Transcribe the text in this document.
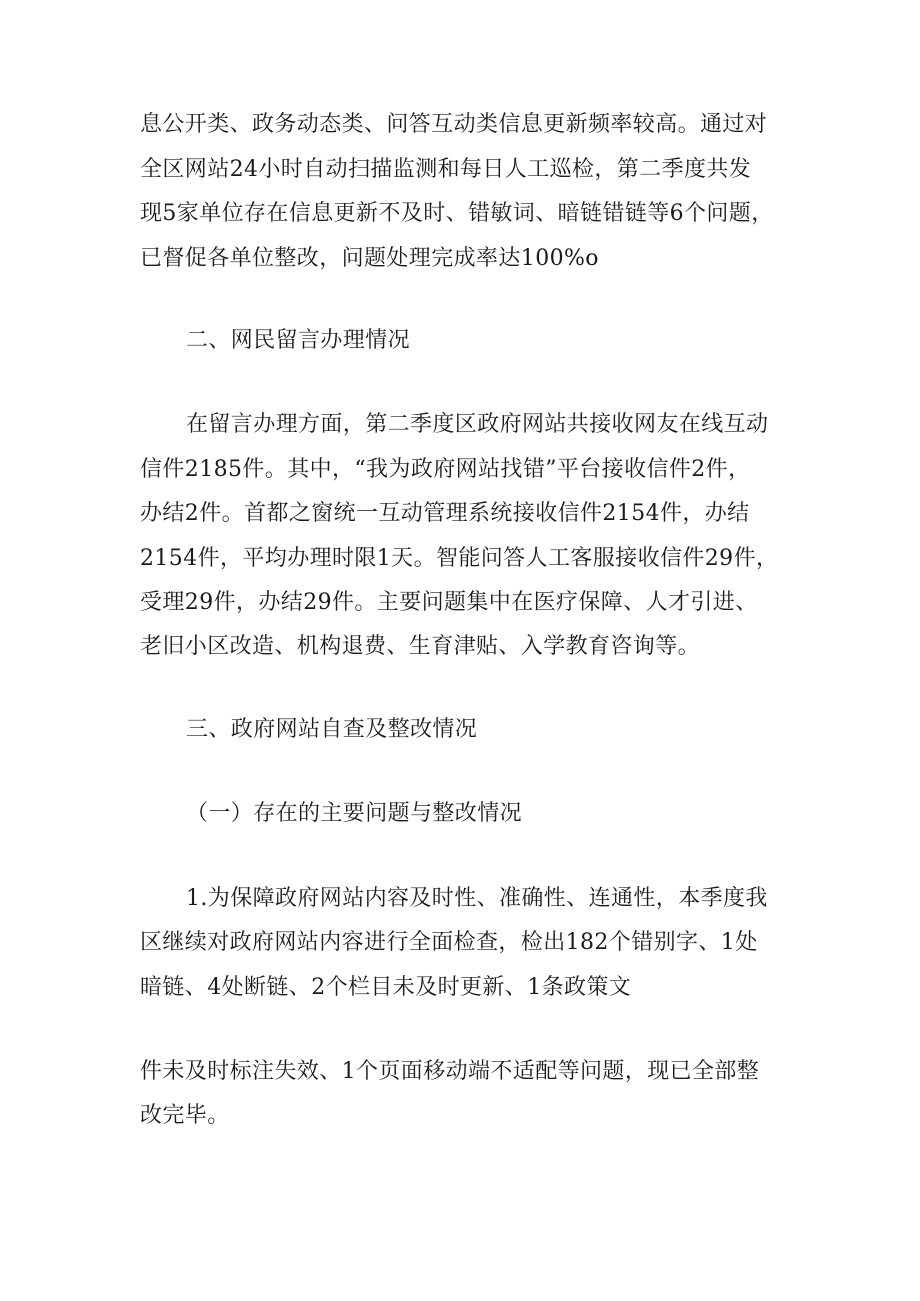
息公开类、政务动态类、问答互动类信息更新频率较高。通过对
全区网站24小时自动扫描监测和每日人工巡检，第二季度共发
现5家单位存在信息更新不及时、错敏词、暗链错链等6个问题，
已督促各单位整改，问题处理完成率达100%o
二、网民留言办理情况
在留言办理方面，第二季度区政府网站共接收网友在线互动
信件2185件。其中，“我为政府网站找错”平台接收信件2件，
办结2件。首都之窗统一互动管理系统接收信件2154件，办结
2154件，平均办理时限1天。智能问答人工客服接收信件29件，
受理29件，办结29件。主要问题集中在医疗保障、人才引进、
老旧小区改造、机构退费、生育津贴、入学教育咨询等。
三、政府网站自查及整改情况
（一）存在的主要问题与整改情况
1.为保障政府网站内容及时性、准确性、连通性，本季度我
区继续对政府网站内容进行全面检查，检出182个错别字、1处
暗链、4处断链、2个栏目未及时更新、1条政策文
件未及时标注失效、1个页面移动端不适配等问题，现已全部整
改完毕。
